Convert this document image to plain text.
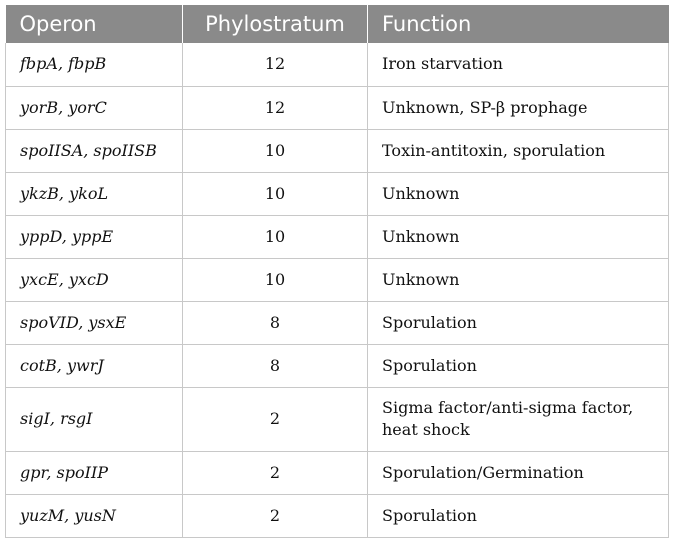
Operon	Phylostratum	Function
fbpA, fbpB	12	Iron starvation
yorB, yorC	12	Unknown, SP-β prophage
spoIISA, spoIISB	10	Toxin-antitoxin, sporulation
ykzB, ykoL	10	Unknown
yppD, yppE	10	Unknown
yxcE, yxcD	10	Unknown
spoVID, ysxE	8	Sporulation
cotB, ywrJ	8	Sporulation
sigI, rsgI	2	Sigma factor/anti-sigma factor, heat shock
gpr, spoIIP	2	Sporulation/Germination
yuzM, yusN	2	Sporulation
